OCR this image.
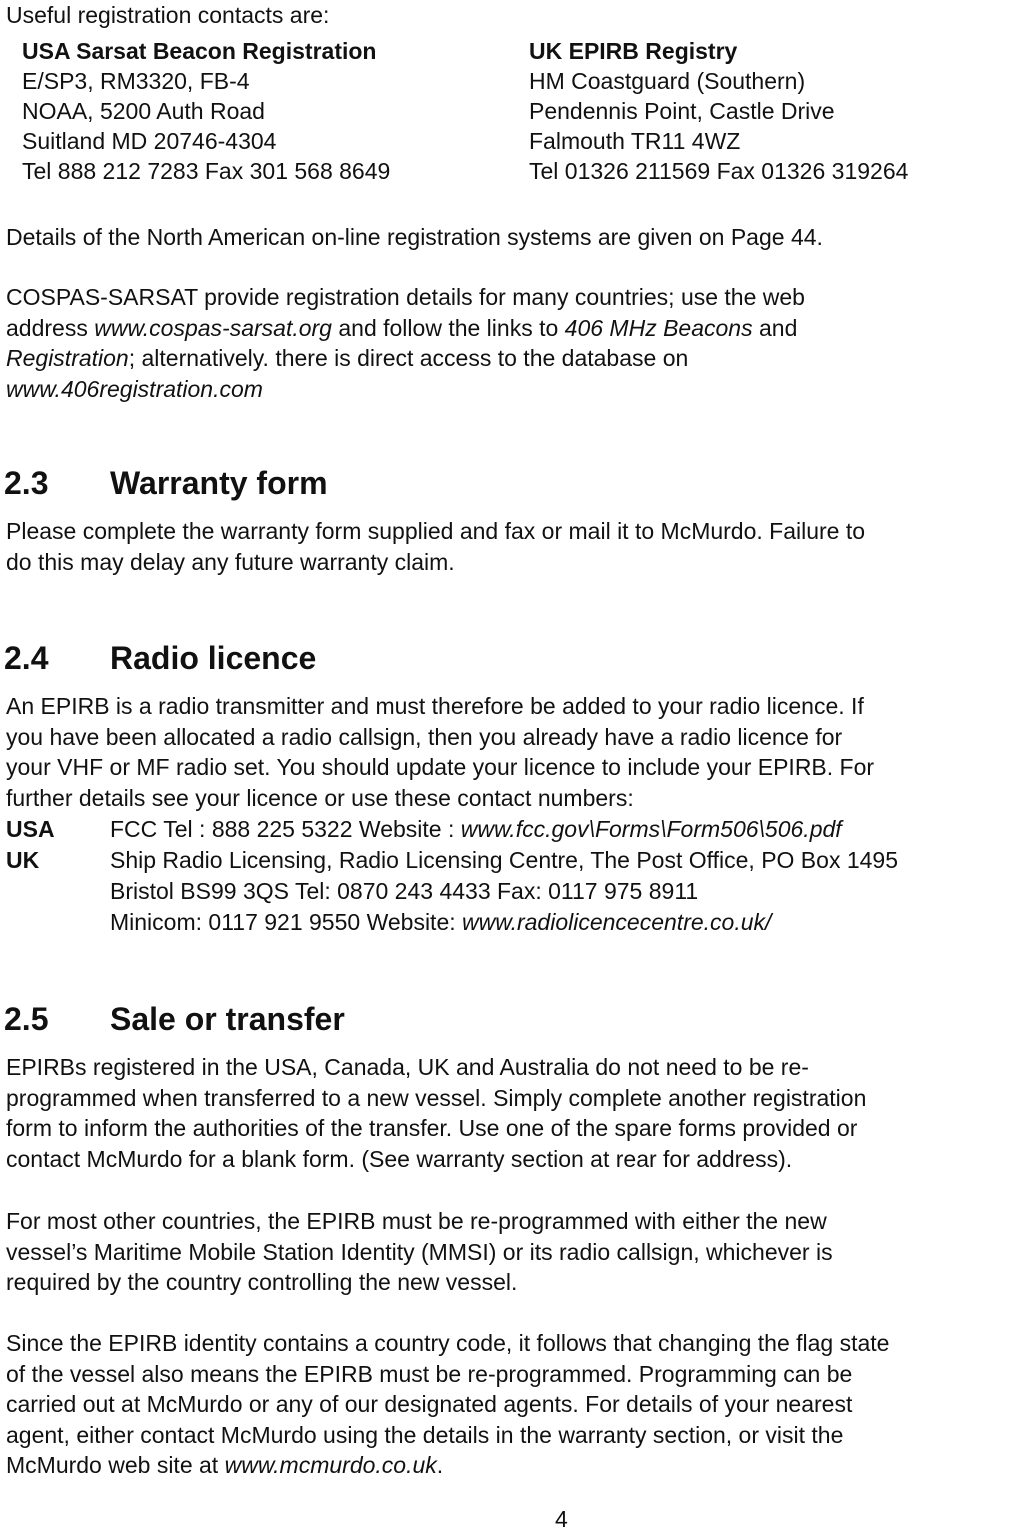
Useful registration contacts are:
USA Sarsat Beacon Registration
E/SP3, RM3320, FB-4
NOAA, 5200 Auth Road
Suitland MD 20746-4304
Tel 888 212 7283 Fax 301 568 8649
UK EPIRB Registry
HM Coastguard (Southern)
Pendennis Point, Castle Drive
Falmouth TR11 4WZ
Tel 01326 211569 Fax 01326 319264
Details of the North American on-line registration systems are given on Page 44.
COSPAS-SARSAT provide registration details for many countries; use the web
address www.cospas-sarsat.org and follow the links to 406 MHz Beacons and
Registration; alternatively. there is direct access to the database on
www.406registration.com
2.3 Warranty form
Please complete the warranty form supplied and fax or mail it to McMurdo. Failure to
do this may delay any future warranty claim.
2.4 Radio licence
An EPIRB is a radio transmitter and must therefore be added to your radio licence. If
you have been allocated a radio callsign, then you already have a radio licence for
your VHF or MF radio set. You should update your licence to include your EPIRB. For
further details see your licence or use these contact numbers:
USA FCC Tel : 888 225 5322 Website : www.fcc.gov\Forms\Form506\506.pdf
UK	Ship Radio Licensing, Radio Licensing Centre, The Post Office, PO Box 1495
Bristol BS99 3QS Tel: 0870 243 4433 Fax: 0117 975 8911
Minicom: 0117 921 9550 Website: www.radiolicencecentre.co.uk/
2.5 Sale or transfer
EPIRBs registered in the USA, Canada, UK and Australia do not need to be re-
programmed when transferred to a new vessel. Simply complete another registration
form to inform the authorities of the transfer. Use one of the spare forms provided or
contact McMurdo for a blank form. (See warranty section at rear for address).
For most other countries, the EPIRB must be re-programmed with either the new
vessel’s Maritime Mobile Station Identity (MMSI) or its radio callsign, whichever is
required by the country controlling the new vessel.
Since the EPIRB identity contains a country code, it follows that changing the flag state
of the vessel also means the EPIRB must be re-programmed. Programming can be
carried out at McMurdo or any of our designated agents. For details of your nearest
agent, either contact McMurdo using the details in the warranty section, or visit the
McMurdo web site at www.mcmurdo.co.uk.
4
